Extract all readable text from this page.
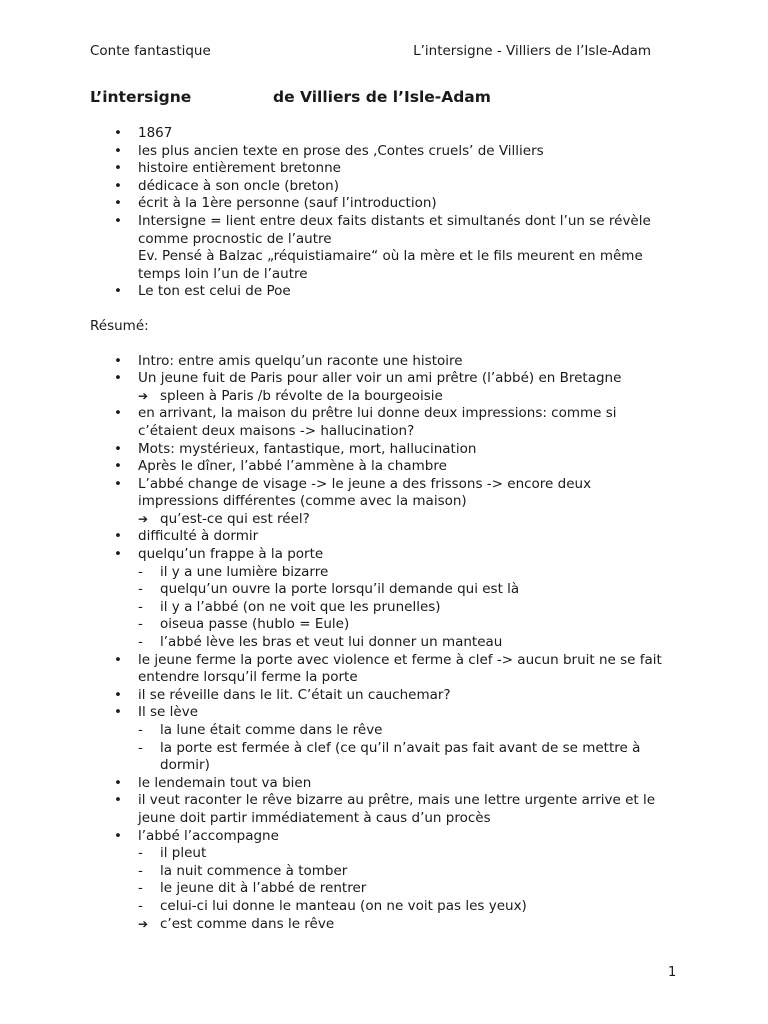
Conte fantastique	L’intersigne - Villiers de l’Isle-Adam
L’intersigne	de Villiers de l’Isle-Adam
• 1867
• les plus ancien texte en prose des ‚Contes cruels’ de Villiers
• histoire entièrement bretonne
• dédicace à son oncle (breton)
• écrit à la 1ère personne (sauf l’introduction)
• Intersigne = lient entre deux faits distants et simultanés dont l’un se révèle
comme procnostic de l’autre
Ev. Pensé à Balzac „réquistiamaire“ où la mère et le fils meurent en même
temps loin l’un de l’autre
• Le ton est celui de Poe
Résumé:
• Intro: entre amis quelqu’un raconte une histoire
• Un jeune fuit de Paris pour aller voir un ami prêtre (l’abbé) en Bretagne
➔ spleen à Paris /b révolte de la bourgeoisie
• en arrivant, la maison du prêtre lui donne deux impressions: comme si
c’étaient deux maisons -> hallucination?
• Mots: mystérieux, fantastique, mort, hallucination
• Après le dîner, l’abbé l’ammène à la chambre
• L’abbé change de visage -> le jeune a des frissons -> encore deux
impressions différentes (comme avec la maison)
➔ qu’est-ce qui est réel?
• difficulté à dormir
• quelqu’un frappe à la porte
- il y a une lumière bizarre
- quelqu’un ouvre la porte lorsqu’il demande qui est là
- il y a l’abbé (on ne voit que les prunelles)
- oiseua passe (hublo = Eule)
- l’abbé lève les bras et veut lui donner un manteau
• le jeune ferme la porte avec violence et ferme à clef -> aucun bruit ne se fait
entendre lorsqu’il ferme la porte
• il se réveille dans le lit. C’était un cauchemar?
• Il se lève
- la lune était comme dans le rêve
- la porte est fermée à clef (ce qu’il n’avait pas fait avant de se mettre à
dormir)
• le lendemain tout va bien
• il veut raconter le rêve bizarre au prêtre, mais une lettre urgente arrive et le
jeune doit partir immédiatement à caus d’un procès
• l’abbé l’accompagne
- il pleut
- la nuit commence à tomber
- le jeune dit à l’abbé de rentrer
- celui-ci lui donne le manteau (on ne voit pas les yeux)
➔ c’est comme dans le rêve
1
